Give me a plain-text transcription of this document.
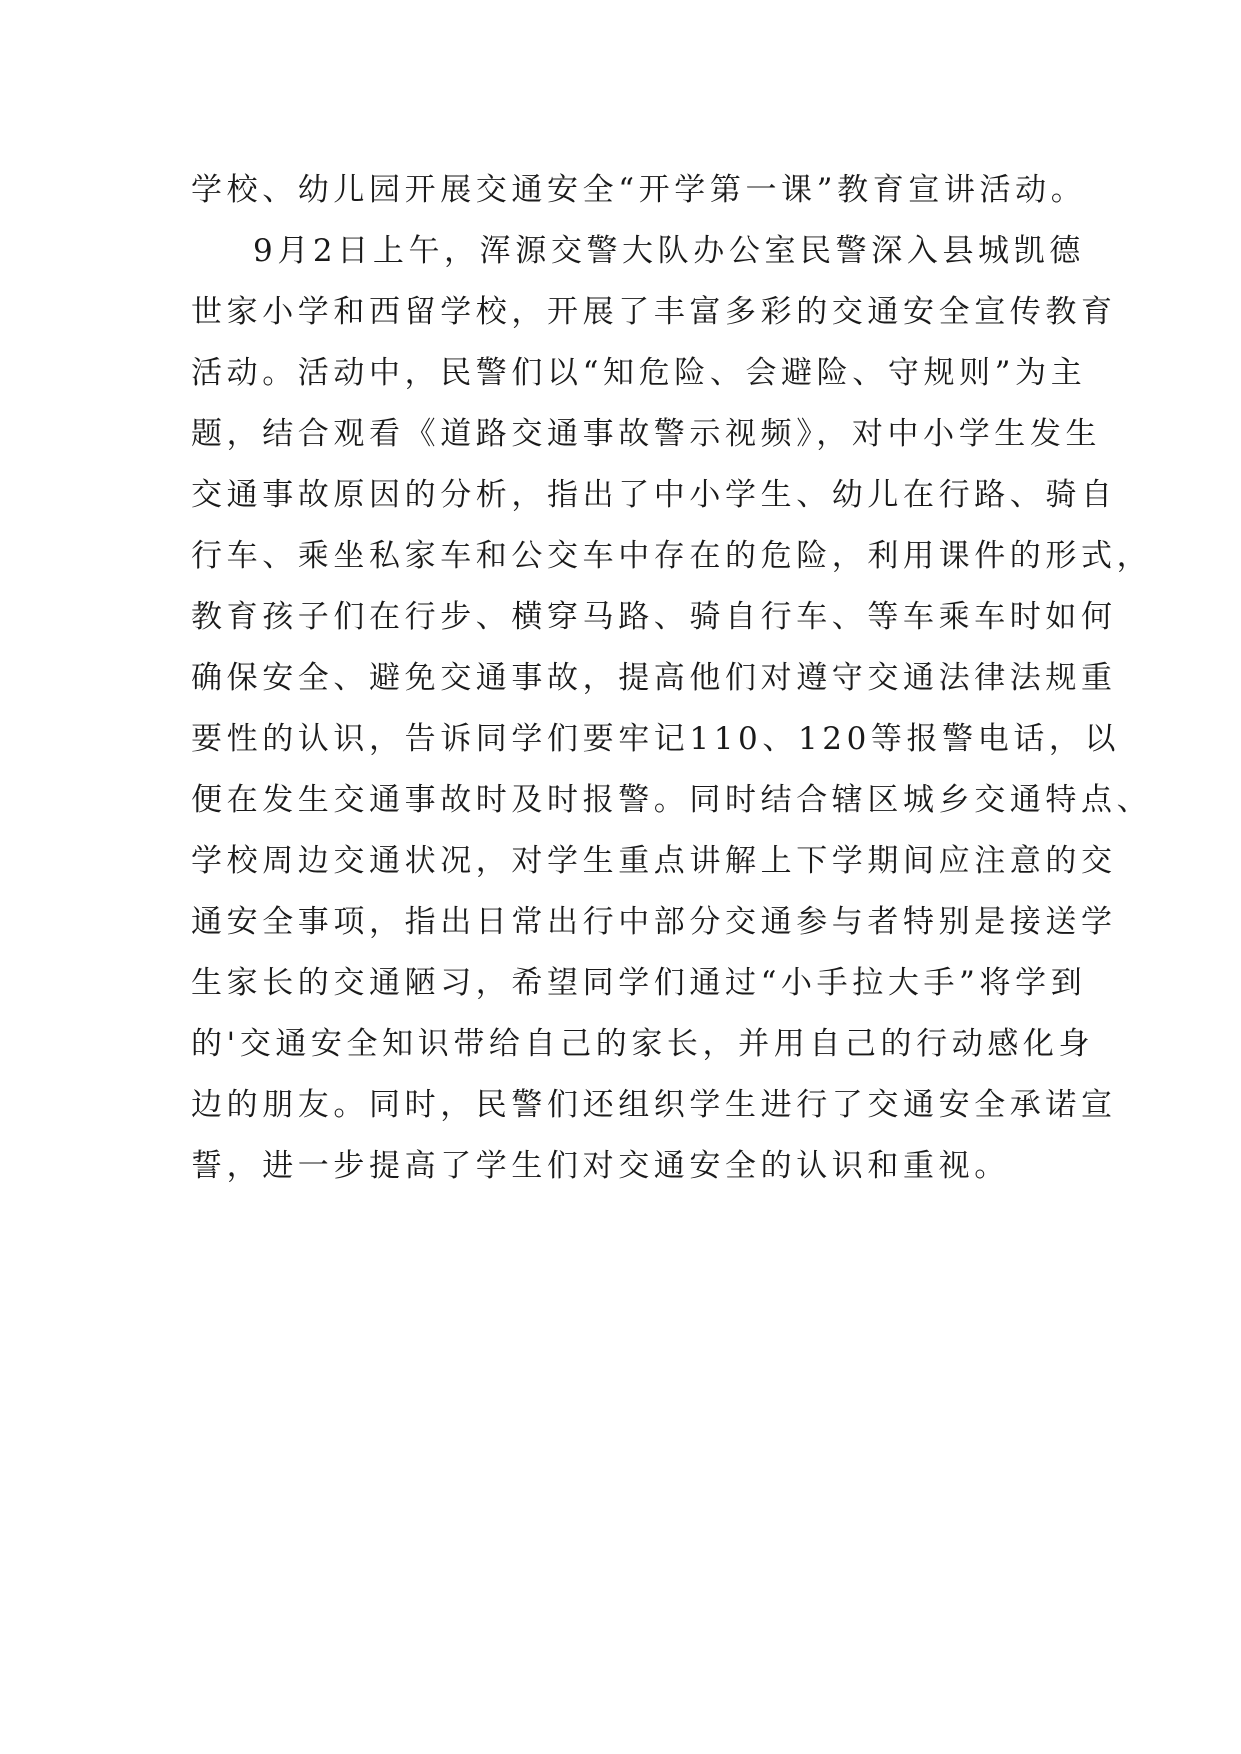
学校、幼儿园开展交通安全“开学第一课”教育宣讲活动。
9月2日上午，浑源交警大队办公室民警深入县城凯德
世家小学和西留学校，开展了丰富多彩的交通安全宣传教育
活动。活动中，民警们以“知危险、会避险、守规则”为主
题，结合观看《道路交通事故警示视频》，对中小学生发生
交通事故原因的分析，指出了中小学生、幼儿在行路、骑自
行车、乘坐私家车和公交车中存在的危险，利用课件的形式，
教育孩子们在行步、横穿马路、骑自行车、等车乘车时如何
确保安全、避免交通事故，提高他们对遵守交通法律法规重
要性的认识，告诉同学们要牢记110、120等报警电话，以
便在发生交通事故时及时报警。同时结合辖区城乡交通特点、
学校周边交通状况，对学生重点讲解上下学期间应注意的交
通安全事项，指出日常出行中部分交通参与者特别是接送学
生家长的交通陋习，希望同学们通过“小手拉大手”将学到
的'交通安全知识带给自己的家长，并用自己的行动感化身
边的朋友。同时，民警们还组织学生进行了交通安全承诺宣
誓，进一步提高了学生们对交通安全的认识和重视。
